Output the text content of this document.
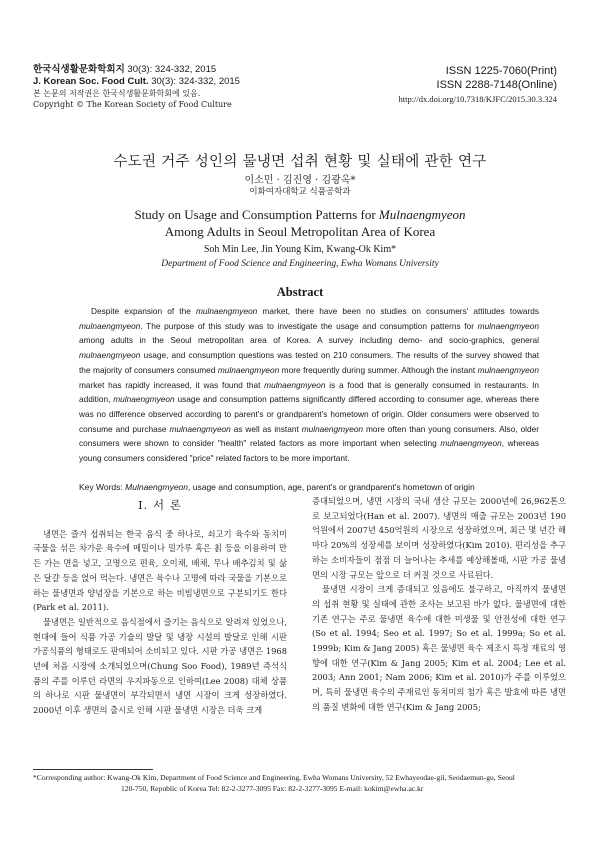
한국식생활문화학회지 30(3): 324-332, 2015
J. Korean Soc. Food Cult. 30(3): 324-332, 2015
본 논문의 저작권은 한국식생활문화학회에 있음.
Copyright © The Korean Society of Food Culture
ISSN 1225-7060(Print)
ISSN 2288-7148(Online)
http://dx.doi.org/10.7318/KJFC/2015.30.3.324
수도권 거주 성인의 물냉면 섭취 현황 및 실태에 관한 연구
이소민 · 김진영 · 김광옥*
이화여자대학교 식품공학과
Study on Usage and Consumption Patterns for Mulnaengmyeon
Among Adults in Seoul Metropolitan Area of Korea
Soh Min Lee, Jin Young Kim, Kwang-Ok Kim*
Department of Food Science and Engineering, Ewha Womans University
Abstract
Despite expansion of the mulnaengmyeon market, there have been no studies on consumers' attitudes towards mulnaengmyeon. The purpose of this study was to investigate the usage and consumption patterns for mulnaengmyeon among adults in the Seoul metropolitan area of Korea. A survey including demo- and socio-graphics, general mulnaengmyeon usage, and consumption questions was tested on 210 consumers. The results of the survey showed that the majority of consumers consumed mulnaengmyeon more frequently during summer. Although the instant mulnaengmyeon market has rapidly increased, it was found that mulnaengmyeon is a food that is generally consumed in restaurants. In addition, mulnaengmyeon usage and consumption patterns significantly differed according to consumer age, whereas there was no difference observed according to parent's or grandparent's hometown of origin. Older consumers were observed to consume and purchase mulnaengmyeon as well as instant mulnaengmyeon more often than young consumers. Also, older consumers were shown to consider "health" related factors as more important when selecting mulnaengmyeon, whereas young consumers considered "price" related factors to be more important.
Key Words: Mulnaengmyeon, usage and consumption, age, parent's or grandparent's hometown of origin
I. 서 론

냉면은 즐겨 섭취되는 한국 음식 중 하나로, 쇠고기 육수와 동치미 국물을 섞은 차가운 육수에 메밀이나 밀가루 혹은 칡 등을 이용하여 만든 가는 면을 넣고, 고명으로 편육, 오이채, 배채, 무나 배추김치 및 삶은 달걀 등을 얹어 먹는다. 냉면은 육수나 고명에 따라 국물을 기본으로 하는 물냉면과 양념장을 기본으로 하는 비빔냉면으로 구분되기도 한다(Park et al. 2011).

물냉면은 일반적으로 음식점에서 즐기는 음식으로 알려져 있었으나, 현대에 들어 식품 가공 기술의 발달 및 냉장 시설의 발달로 인해 시판 가공식품의 형태로도 판매되어 소비되고 있다. 시판 가공 냉면은 1968년에 처음 시장에 소개되었으며(Chung Soo Food), 1989년 즉석식품의 주를 이루던 라면의 우지파동으로 인하여(Lee 2008) 대체 상품의 하나로 시판 물냉면이 부각되면서 냉면 시장이 크게 성장하였다. 2000년 이후 생면의 출시로 인해 시판 물냉면 시장은 더욱 크게

증대되었으며, 냉면 시장의 국내 생산 규모는 2000년에 26,962톤으로 보고되었다(Han et al. 2007). 냉면의 매출 규모는 2003년 190억원에서 2007년 450억원의 시장으로 성장하였으며, 최근 몇 년간 해마다 20%의 성장세를 보이며 성장하였다(Kim 2010). 편리성을 추구하는 소비자들이 점점 더 늘어나는 추세를 예상해볼때, 시판 가공 물냉면의 시장 규모는 앞으로 더 커질 것으로 사료된다.

물냉면 시장이 크게 증대되고 있음에도 불구하고, 아직까지 물냉면의 섭취 현황 및 실태에 관한 조사는 보고된 바가 없다. 물냉면에 대한 기존 연구는 주로 물냉면 육수에 대한 미생물 및 안전성에 대한 연구(So et al. 1994; Seo et al. 1997; So et al. 1999a; So et al. 1999b; Kim & Jang 2005) 혹은 물냉면 육수 제조시 특정 재료의 영향에 대한 연구(Kim & Jang 2005; Kim et al. 2004; Lee et al. 2003; Ann 2001; Nam 2006; Kim et al. 2010)가 주를 이루었으며, 특히 물냉면 육수의 주재료인 동치미의 첨가 혹은 발효에 따른 냉면의 품질 변화에 대한 연구(Kim & Jang 2005;

*Corresponding author: Kwang-Ok Kim, Department of Food Science and Engineering, Ewha Womans University, 52 Ewhayeodae-gil, Seodaemun-gu, Seoul
120-750, Republic of Korea Tel: 82-2-3277-3095 Fax: 82-2-3277-3095 E-mail: kokim@ewha.ac.kr
